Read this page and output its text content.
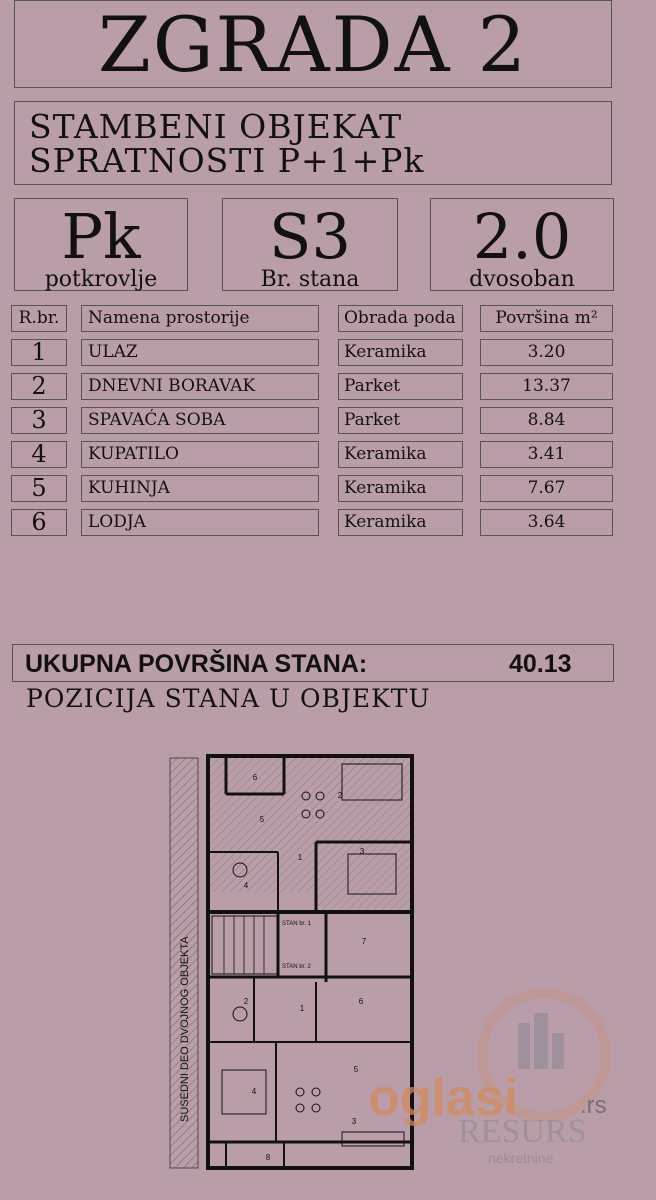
ZGRADA 2
STAMBENI OBJEKAT
SPRATNOSTI P+1+Pk
Pk
potkrovlje
S3
Br. stana
2.0
dvosoban
R.br.	Namena prostorije	Obrada poda	Površina m²
1	ULAZ	Keramika	3.20
2	DNEVNI BORAVAK	Parket	13.37
3	SPAVAĆA SOBA	Parket	8.84
4	KUPATILO	Keramika	3.41
5	KUHINJA	Keramika	7.67
6	LODJA	Keramika	3.64
UKUPNA POVRŠINA STANA:	40.13
POZICIJA STANA U OBJEKTU
SUSEDNI DEO DVOJNOG OBJEKTA
STAN br. 1
STAN br. 2
6
2
5
1
3
4
2
1
6
7
5
4
3
8
oglasi	.rs
RESURS
nekretnine
